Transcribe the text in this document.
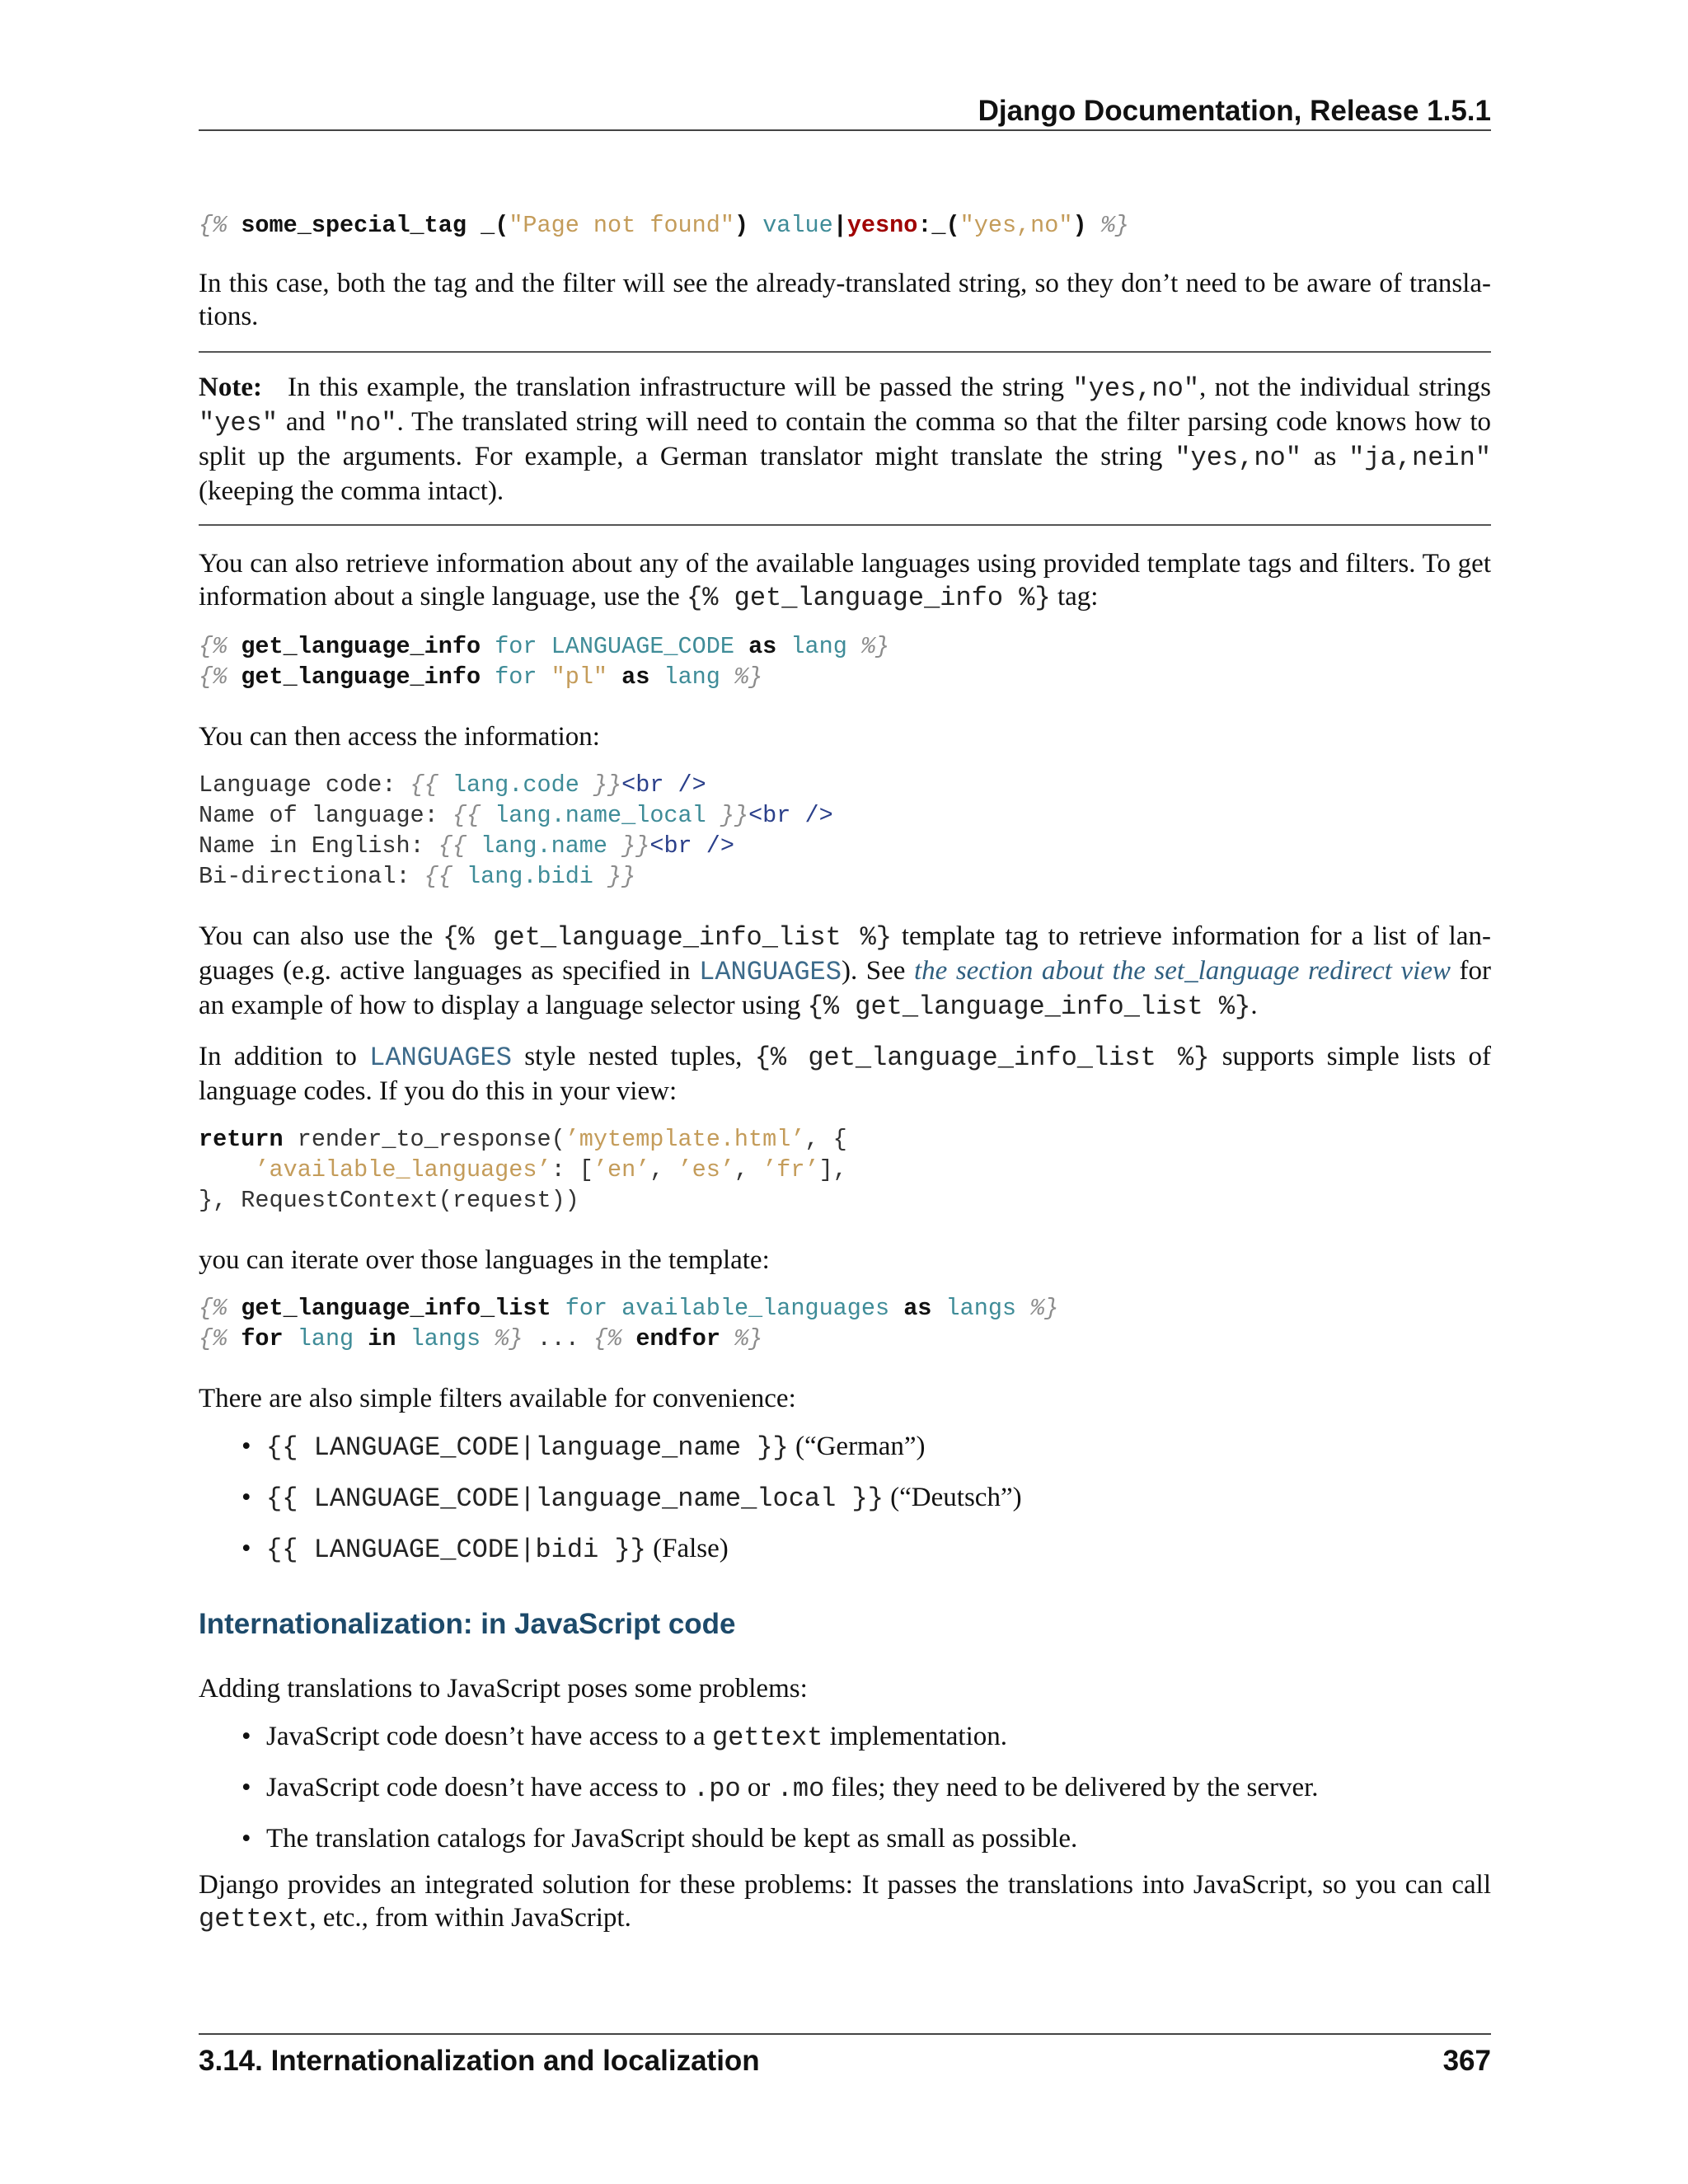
Django Documentation, Release 1.5.1
{% some_special_tag _("Page not found") value|yesno:_("yes,no") %}

In this case, both the tag and the filter will see the already-translated string, so they don’t need to be aware of transla- tions.

Note: In this example, the translation infrastructure will be passed the string "yes,no", not the individual strings "yes" and "no". The translated string will need to contain the comma so that the filter parsing code knows how to split up the arguments. For example, a German translator might translate the string "yes,no" as "ja,nein" (keeping the comma intact).

You can also retrieve information about any of the available languages using provided template tags and filters. To get information about a single language, use the {% get_language_info %} tag:

{% get_language_info for LANGUAGE_CODE as lang %}
{% get_language_info for "pl" as lang %}

You can then access the information:

Language code: {{ lang.code }}<br />
Name of language: {{ lang.name_local }}<br />
Name in English: {{ lang.name }}<br />
Bi-directional: {{ lang.bidi }}

You can also use the {% get_language_info_list %} template tag to retrieve information for a list of lan- guages (e.g. active languages as specified in LANGUAGES). See the section about the set_language redirect view for an example of how to display a language selector using {% get_language_info_list %}.

In addition to LANGUAGES style nested tuples, {% get_language_info_list %} supports simple lists of language codes. If you do this in your view:

return render_to_response(’mytemplate.html’, {
’available_languages’: [’en’, ’es’, ’fr’],
}, RequestContext(request))

you can iterate over those languages in the template:

{% get_language_info_list for available_languages as langs %}
{% for lang in langs %} ... {% endfor %}

There are also simple filters available for convenience:

• {{ LANGUAGE_CODE|language_name }} (“German”)
• {{ LANGUAGE_CODE|language_name_local }} (“Deutsch”)
• {{ LANGUAGE_CODE|bidi }} (False)
Internationalization: in JavaScript code

Adding translations to JavaScript poses some problems:

• JavaScript code doesn’t have access to a gettext implementation.
• JavaScript code doesn’t have access to .po or .mo files; they need to be delivered by the server.
• The translation catalogs for JavaScript should be kept as small as possible.

Django provides an integrated solution for these problems: It passes the translations into JavaScript, so you can call gettext, etc., from within JavaScript.

3.14. Internationalization and localization	367
